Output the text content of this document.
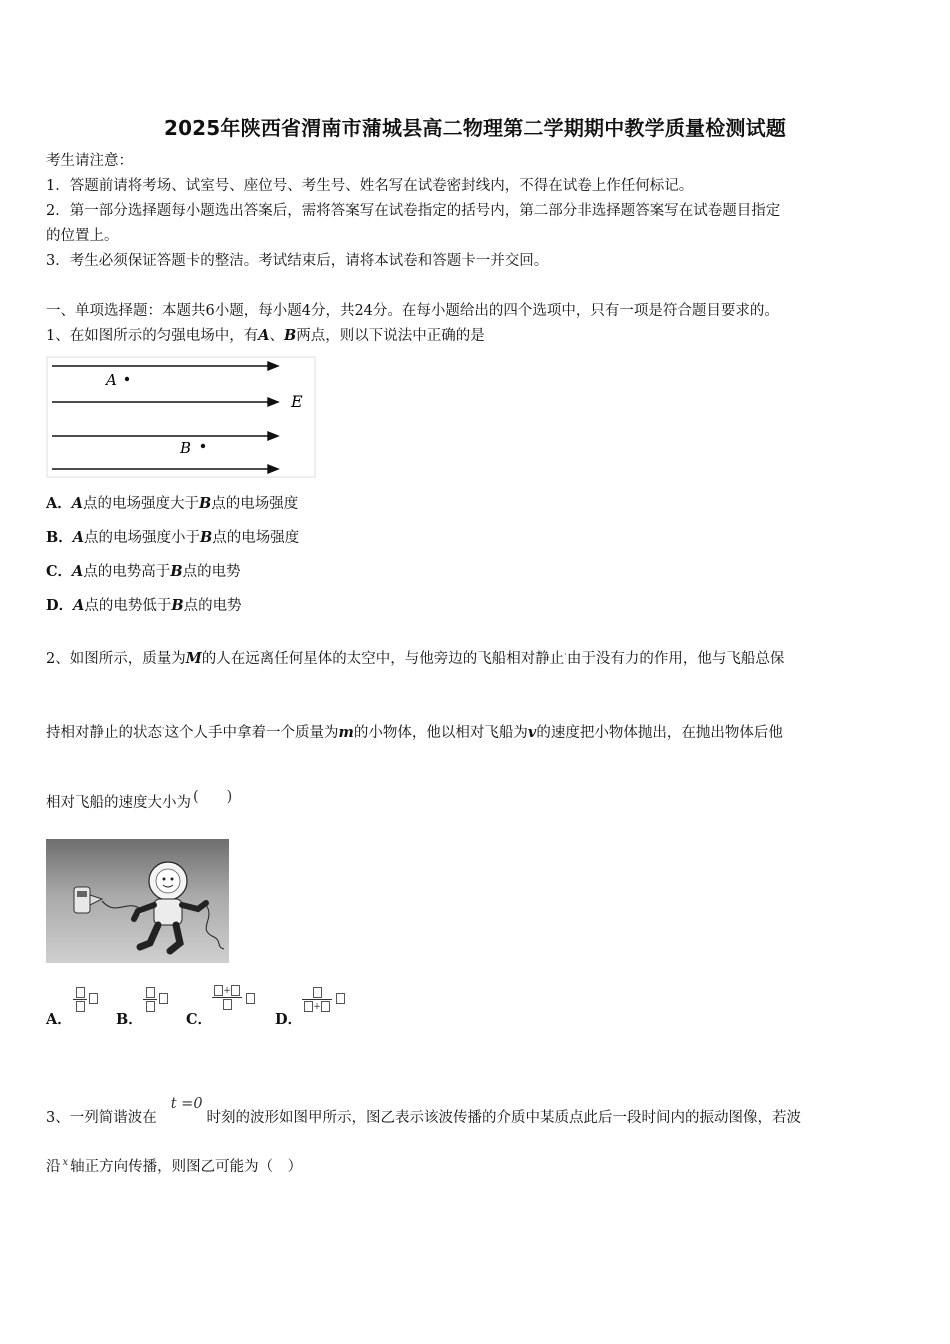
2025年陕西省渭南市蒲城县高二物理第二学期期中教学质量检测试题
考生请注意：
1．答题前请将考场、试室号、座位号、考生号、姓名写在试卷密封线内，不得在试卷上作任何标记。
2．第一部分选择题每小题选出答案后，需将答案写在试卷指定的括号内，第二部分非选择题答案写在试卷题目指定
的位置上。
3．考生必须保证答题卡的整洁。考试结束后，请将本试卷和答题卡一并交回。
一、单项选择题：本题共6小题，每小题4分，共24分。在每小题给出的四个选项中，只有一项是符合题目要求的。
1、在如图所示的匀强电场中，有A、B两点，则以下说法中正确的是
A
B
E
A．A点的电场强度大于B点的电场强度
B．A点的电场强度小于B点的电场强度
C．A点的电势高于B点的电势
D．A点的电势低于B点的电势
2、如图所示，质量为M的人在远离任何星体的太空中，与他旁边的飞船相对静止·由于没有力的作用，他与飞船总保
持相对静止的状态·这个人手中拿着一个质量为m的小物体，他以相对飞船为v的速度把小物体抛出，在抛出物体后他
相对飞船的速度大小为 ( )
A．	B．	C．
+
D．
+
3、一列简谐波在t =0时刻的波形如图甲所示，图乙表示该波传播的介质中某质点此后一段时间内的振动图像，若波
沿 $^x$ 轴正方向传播，则图乙可能为（　）
